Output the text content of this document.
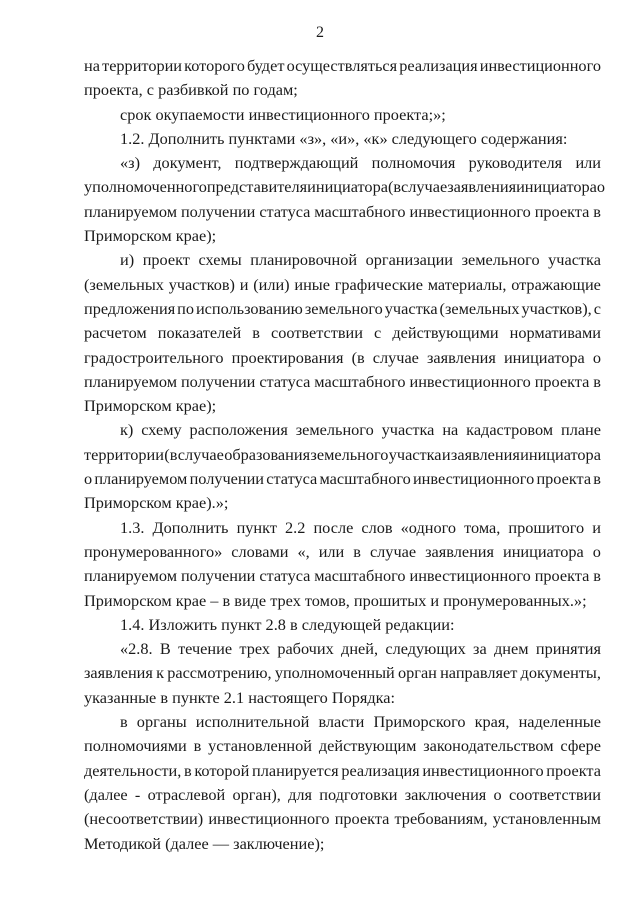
2
на территории которого будет осуществляться реализация инвестиционного
проекта, с разбивкой по годам;
срок окупаемости инвестиционного проекта;»;
1.2. Дополнить пунктами «з», «и», «к» следующего содержания:
«з) документ, подтверждающий полномочия руководителя или
уполномоченного представителя инициатора (в случае заявления инициатора о
планируемом получении статуса масштабного инвестиционного проекта в
Приморском крае);
и) проект схемы планировочной организации земельного участка
(земельных участков) и (или) иные графические материалы, отражающие
предложения по использованию земельного участка (земельных участков), с
расчетом показателей в соответствии с действующими нормативами
градостроительного проектирования (в случае заявления инициатора о
планируемом получении статуса масштабного инвестиционного проекта в
Приморском крае);
к) схему расположения земельного участка на кадастровом плане
территории (в случае образования земельного участка и заявления инициатора
о планируемом получении статуса масштабного инвестиционного проекта в
Приморском крае).»;
1.3. Дополнить пункт 2.2 после слов «одного тома, прошитого и
пронумерованного» словами «, или в случае заявления инициатора о
планируемом получении статуса масштабного инвестиционного проекта в
Приморском крае – в виде трех томов, прошитых и пронумерованных.»;
1.4. Изложить пункт 2.8 в следующей редакции:
«2.8. В течение трех рабочих дней, следующих за днем принятия
заявления к рассмотрению, уполномоченный орган направляет документы,
указанные в пункте 2.1 настоящего Порядка:
в органы исполнительной власти Приморского края, наделенные
полномочиями в установленной действующим законодательством сфере
деятельности, в которой планируется реализация инвестиционного проекта
(далее - отраслевой орган), для подготовки заключения о соответствии
(несоответствии) инвестиционного проекта требованиям, установленным
Методикой (далее — заключение);
